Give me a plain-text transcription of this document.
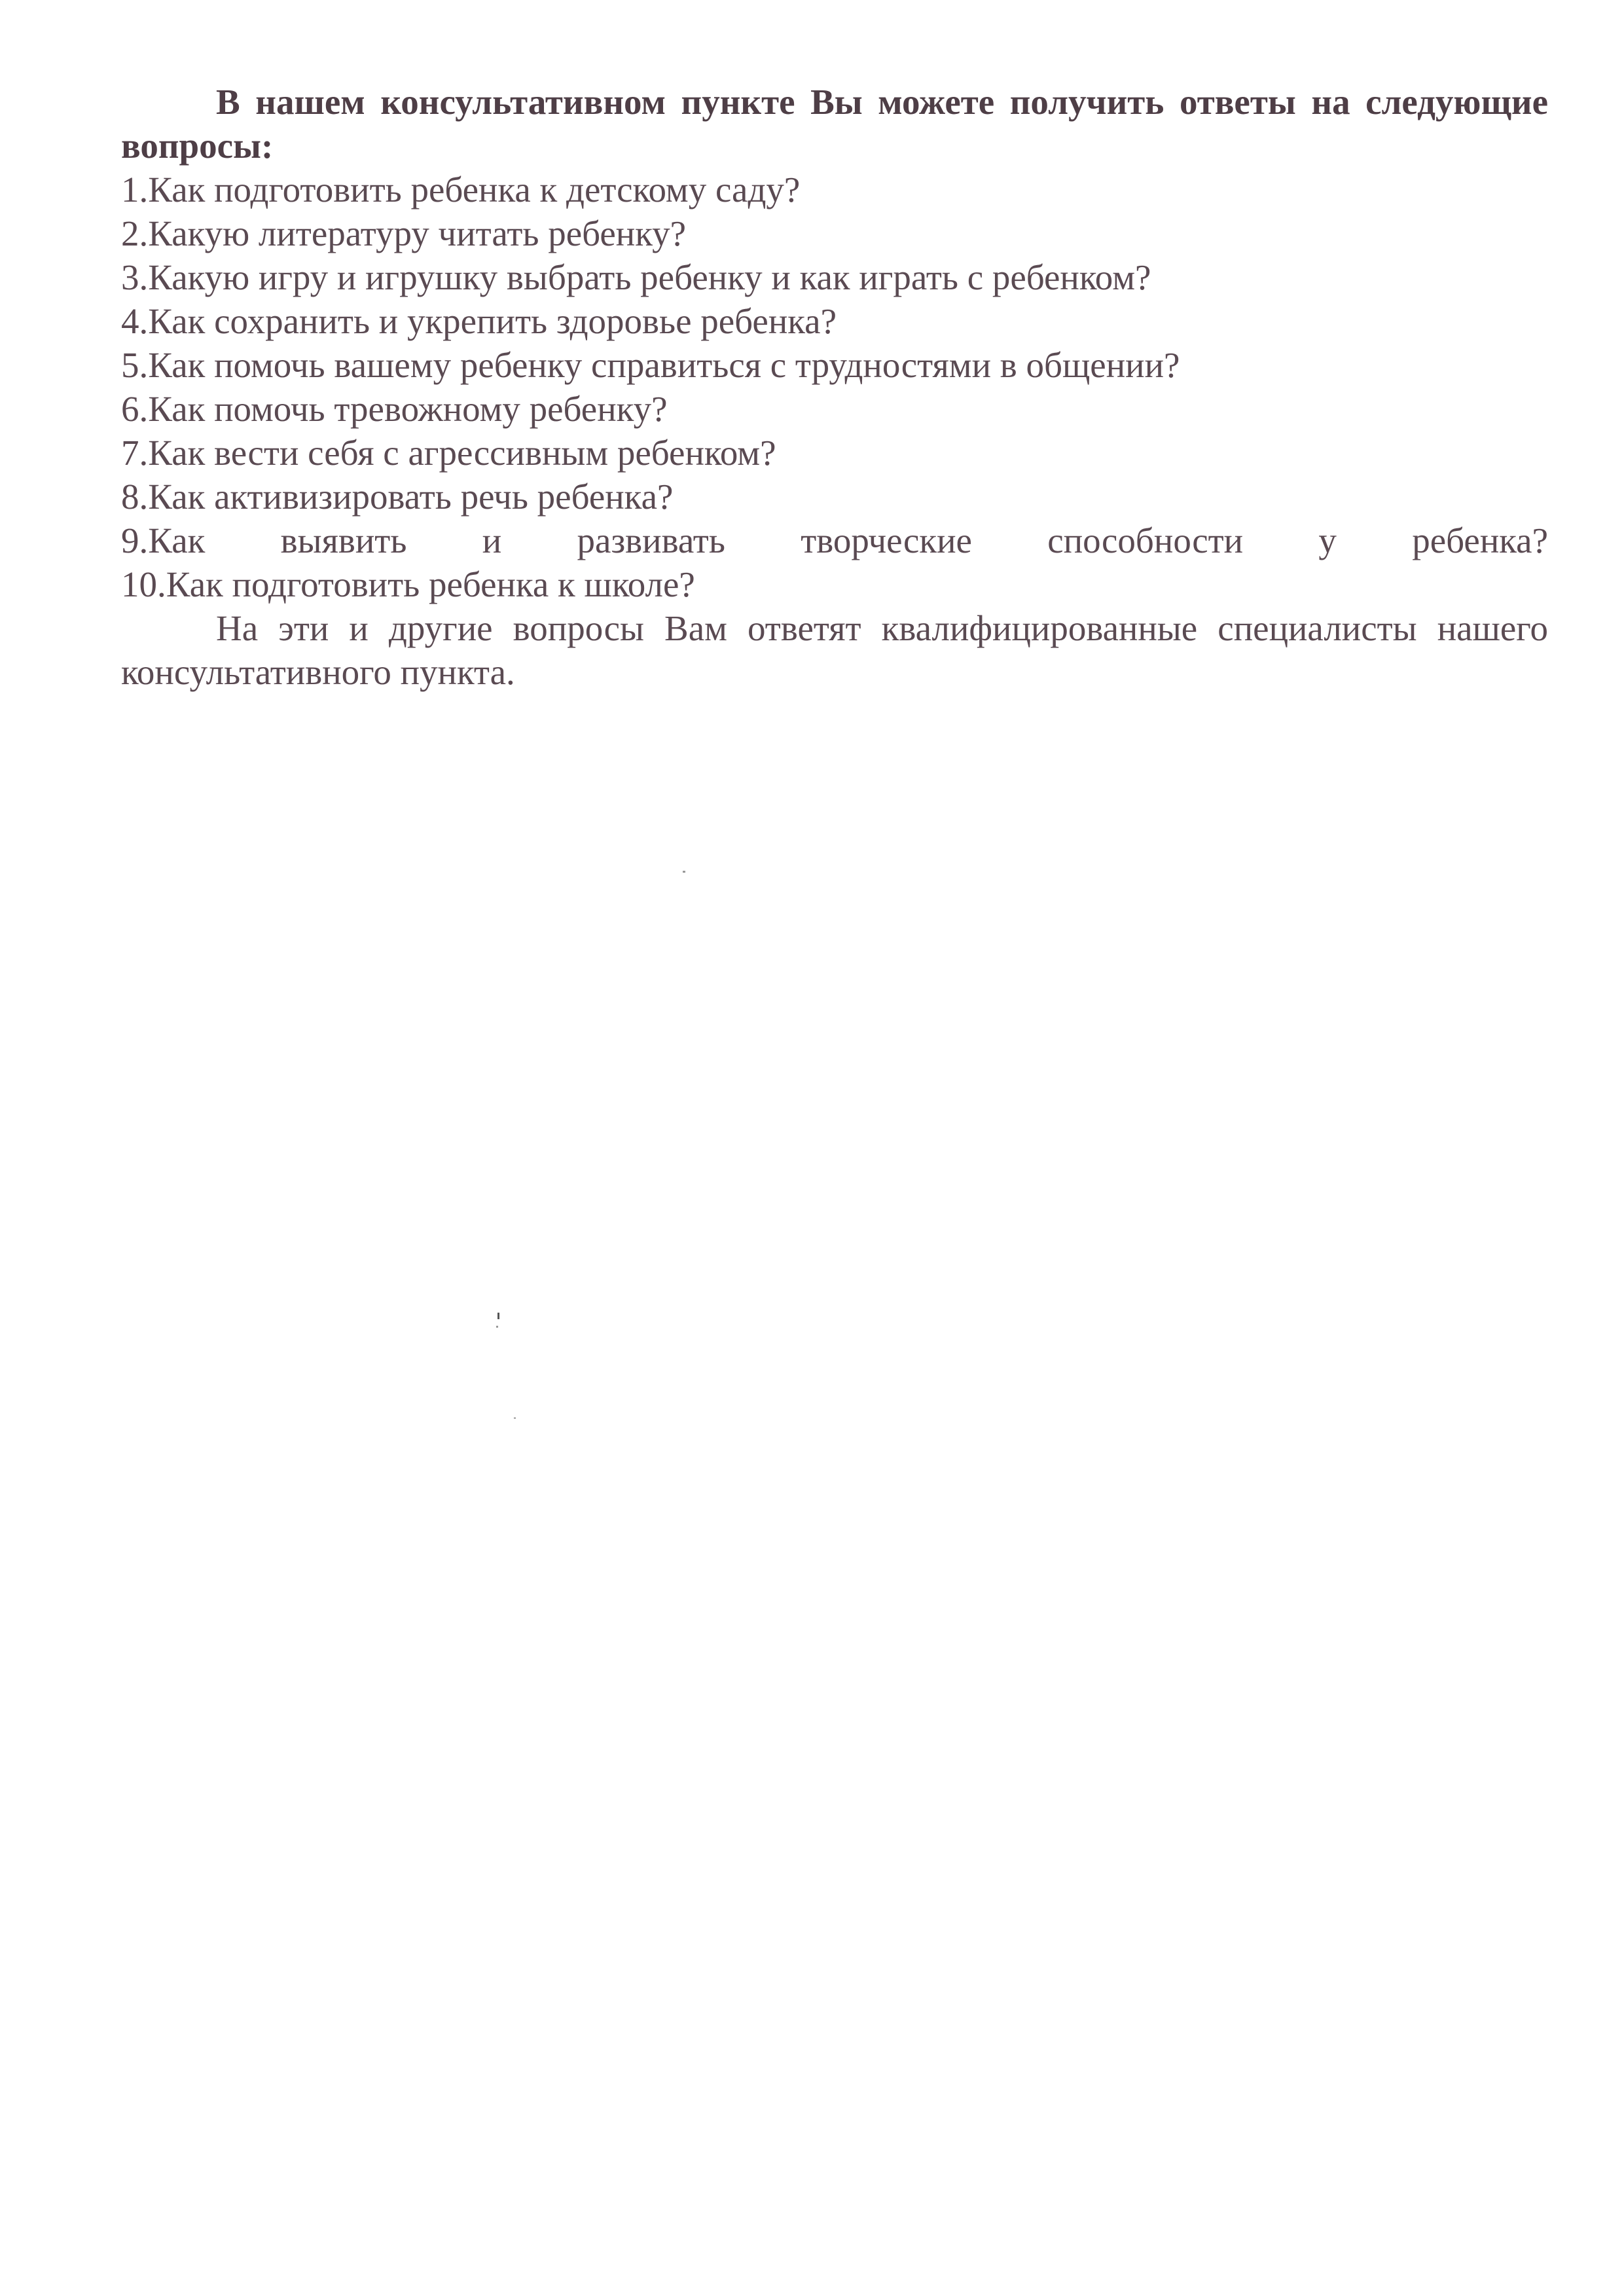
В нашем консультативном пункте Вы можете получить ответы на следующие вопросы:

1.Как подготовить ребенка к детскому саду?
2.Какую литературу читать ребенку?
3.Какую игру и игрушку выбрать ребенку и как играть с ребенком?
4.Как сохранить и укрепить здоровье ребенка?
5.Как помочь вашему ребенку справиться с трудностями в общении?
6.Как помочь тревожному ребенку?
7.Как вести себя с агрессивным ребенком?
8.Как активизировать речь ребенка?
9.Как выявить и развивать творческие способности у ребенка?
10.Как подготовить ребенка к школе?

На эти и другие вопросы Вам ответят квалифицированные специалисты нашего консультативного пункта.
